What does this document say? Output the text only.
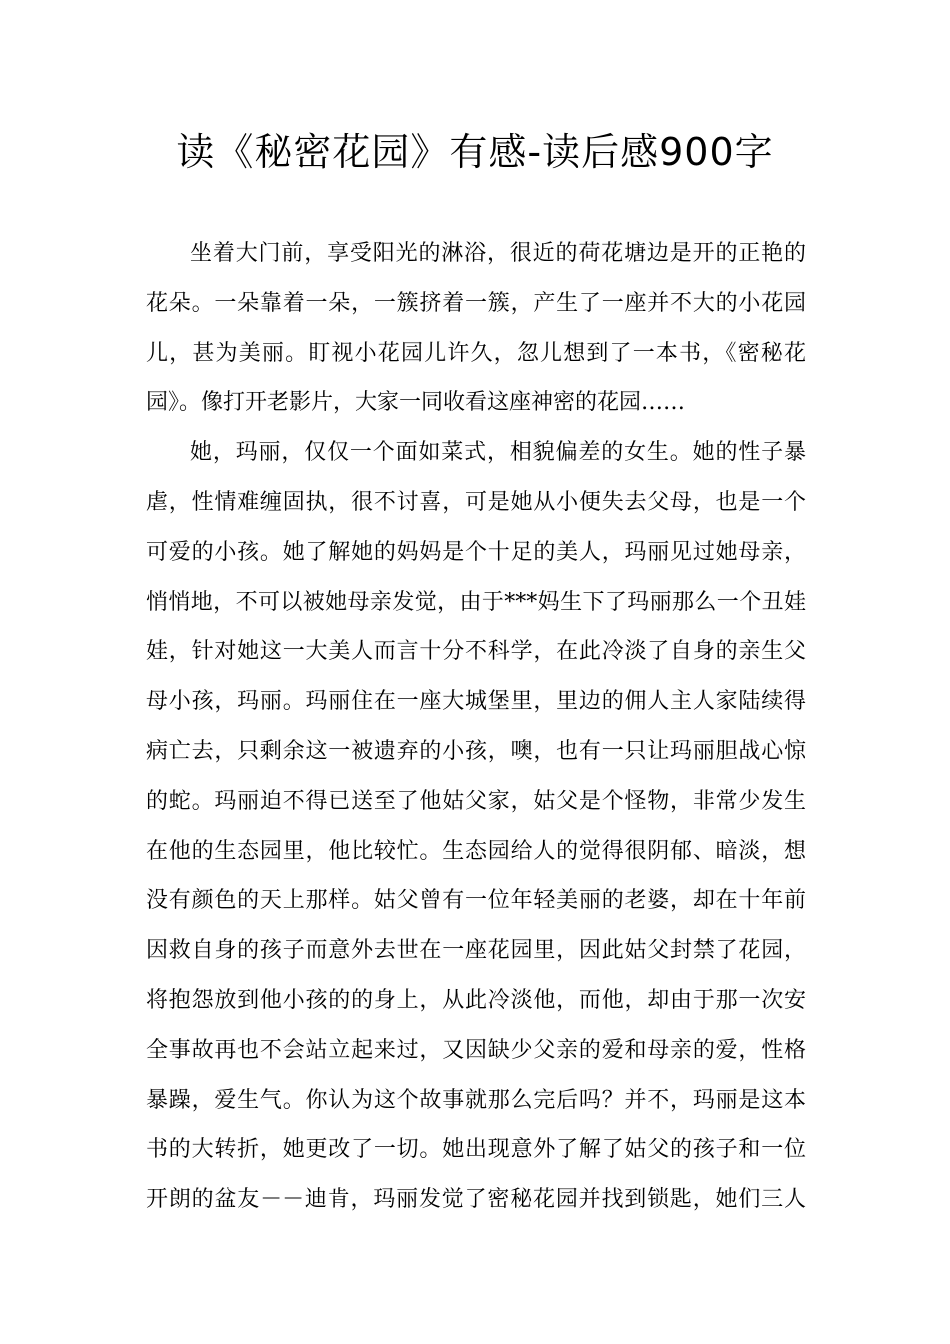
读《秘密花园》有感-读后感900字

坐着大门前，享受阳光的淋浴，很近的荷花塘边是开的正艳的
花朵。一朵靠着一朵，一簇挤着一簇，产生了一座并不大的小花园
儿，甚为美丽。盯视小花园儿许久，忽儿想到了一本书，《密秘花
园》。像打开老影片，大家一同收看这座神密的花园……

她，玛丽，仅仅一个面如菜式，相貌偏差的女生。她的性子暴
虐，性情难缠固执，很不讨喜，可是她从小便失去父母，也是一个
可爱的小孩。她了解她的妈妈是个十足的美人，玛丽见过她母亲，
悄悄地，不可以被她母亲发觉，由于***妈生下了玛丽那么一个丑娃
娃，针对她这一大美人而言十分不科学，在此冷淡了自身的亲生父
母小孩，玛丽。玛丽住在一座大城堡里，里边的佣人主人家陆续得
病亡去，只剩余这一被遗弃的小孩，噢，也有一只让玛丽胆战心惊
的蛇。玛丽迫不得已送至了他姑父家，姑父是个怪物，非常少发生
在他的生态园里，他比较忙。生态园给人的觉得很阴郁、暗淡，想
没有颜色的天上那样。姑父曾有一位年轻美丽的老婆，却在十年前
因救自身的孩子而意外去世在一座花园里，因此姑父封禁了花园，
将抱怨放到他小孩的的身上，从此冷淡他，而他，却由于那一次安
全事故再也不会站立起来过，又因缺少父亲的爱和母亲的爱，性格
暴躁，爱生气。你认为这个故事就那么完后吗？并不，玛丽是这本
书的大转折，她更改了一切。她出现意外了解了姑父的孩子和一位
开朗的盆友－－迪肯，玛丽发觉了密秘花园并找到锁匙，她们三人
